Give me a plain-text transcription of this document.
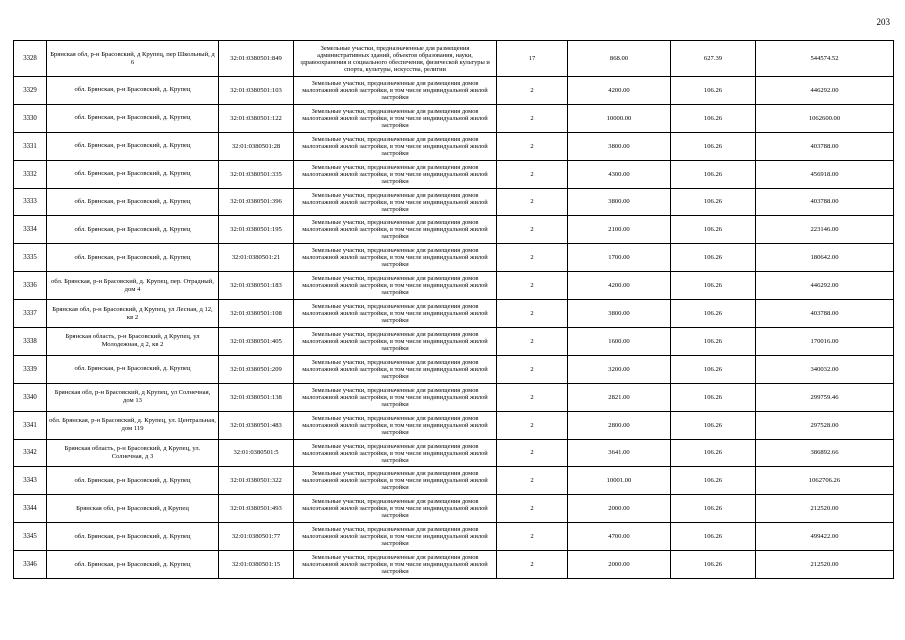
203
3328	Брянская обл, р-н Брасовский, д Крупец, пер Школьный, д 6	32:01:0380501:849	Земельные участки, предназначенные для размещения административных зданий, объектов образования, науки, здравоохранения и социального обеспечения, физической культуры и спорта, культуры, искусства, религии	17	868.00	627.39	544574.52
3329	обл. Брянская, р-н Брасовский, д. Крупец	32:01:0380501:103	Земельные участки, предназначенные для размещения домов малоэтажной жилой застройки, в том числе индивидуальной жилой застройки	2	4200.00	106.26	446292.00
3330	обл. Брянская, р-н Брасовский, д. Крупец	32:01:0380501:122	Земельные участки, предназначенные для размещения домов малоэтажной жилой застройки, в том числе индивидуальной жилой застройки	2	10000.00	106.26	1062600.00
3331	обл. Брянская, р-н Брасовский, д. Крупец	32:01:0380501:28	Земельные участки, предназначенные для размещения домов малоэтажной жилой застройки, в том числе индивидуальной жилой застройки	2	3800.00	106.26	403788.00
3332	обл. Брянская, р-н Брасовский, д. Крупец	32:01:0380501:335	Земельные участки, предназначенные для размещения домов малоэтажной жилой застройки, в том числе индивидуальной жилой застройки	2	4300.00	106.26	456918.00
3333	обл. Брянская, р-н Брасовский, д. Крупец	32:01:0380501:396	Земельные участки, предназначенные для размещения домов малоэтажной жилой застройки, в том числе индивидуальной жилой застройки	2	3800.00	106.26	403788.00
3334	обл. Брянская, р-н Брасовский, д. Крупец	32:01:0380501:195	Земельные участки, предназначенные для размещения домов малоэтажной жилой застройки, в том числе индивидуальной жилой застройки	2	2100.00	106.26	223146.00
3335	обл. Брянская, р-н Брасовский, д. Крупец	32:01:0380501:21	Земельные участки, предназначенные для размещения домов малоэтажной жилой застройки, в том числе индивидуальной жилой застройки	2	1700.00	106.26	180642.00
3336	обл. Брянская, р-н Брасовский, д. Крупец, пер. Отрадный, дом 4	32:01:0380501:183	Земельные участки, предназначенные для размещения домов малоэтажной жилой застройки, в том числе индивидуальной жилой застройки	2	4200.00	106.26	446292.00
3337	Брянская обл, р-н Брасовский, д Крупец, ул Лесная, д 12, кв 2	32:01:0380501:108	Земельные участки, предназначенные для размещения домов малоэтажной жилой застройки, в том числе индивидуальной жилой застройки	2	3800.00	106.26	403788.00
3338	Брянская область, р-н Брасовский, д Крупец, ул Молодежная, д 2, кв 2	32:01:0380501:405	Земельные участки, предназначенные для размещения домов малоэтажной жилой застройки, в том числе индивидуальной жилой застройки	2	1600.00	106.26	170016.00
3339	обл. Брянская, р-н Брасовский, д. Крупец	32:01:0380501:209	Земельные участки, предназначенные для размещения домов малоэтажной жилой застройки, в том числе индивидуальной жилой застройки	2	3200.00	106.26	340032.00
3340	Брянская обл, р-н Брасовский, д Крупец, ул Солнечная, дом 13	32:01:0380501:138	Земельные участки, предназначенные для размещения домов малоэтажной жилой застройки, в том числе индивидуальной жилой застройки	2	2821.00	106.26	299759.46
3341	обл. Брянская, р-н Брасовский, д. Крупец, ул. Центральная, дом 119	32:01:0380501:483	Земельные участки, предназначенные для размещения домов малоэтажной жилой застройки, в том числе индивидуальной жилой застройки	2	2800.00	106.26	297528.00
3342	Брянская область, р-н Брасовский, д Крупец, ул. Солнечная, д 3	32:01:0380501:5	Земельные участки, предназначенные для размещения домов малоэтажной жилой застройки, в том числе индивидуальной жилой застройки	2	3641.00	106.26	386892.66
3343	обл. Брянская, р-н Брасовский, д. Крупец	32:01:0380501:322	Земельные участки, предназначенные для размещения домов малоэтажной жилой застройки, в том числе индивидуальной жилой застройки	2	10001.00	106.26	1062706.26
3344	Брянская обл, р-н Брасовский, д Крупец	32:01:0380501:493	Земельные участки, предназначенные для размещения домов малоэтажной жилой застройки, в том числе индивидуальной жилой застройки	2	2000.00	106.26	212520.00
3345	обл. Брянская, р-н Брасовский, д. Крупец	32:01:0380501:77	Земельные участки, предназначенные для размещения домов малоэтажной жилой застройки, в том числе индивидуальной жилой застройки	2	4700.00	106.26	499422.00
3346	обл. Брянская, р-н Брасовский, д. Крупец	32:01:0380501:15	Земельные участки, предназначенные для размещения домов малоэтажной жилой застройки, в том числе индивидуальной жилой застройки	2	2000.00	106.26	212520.00
